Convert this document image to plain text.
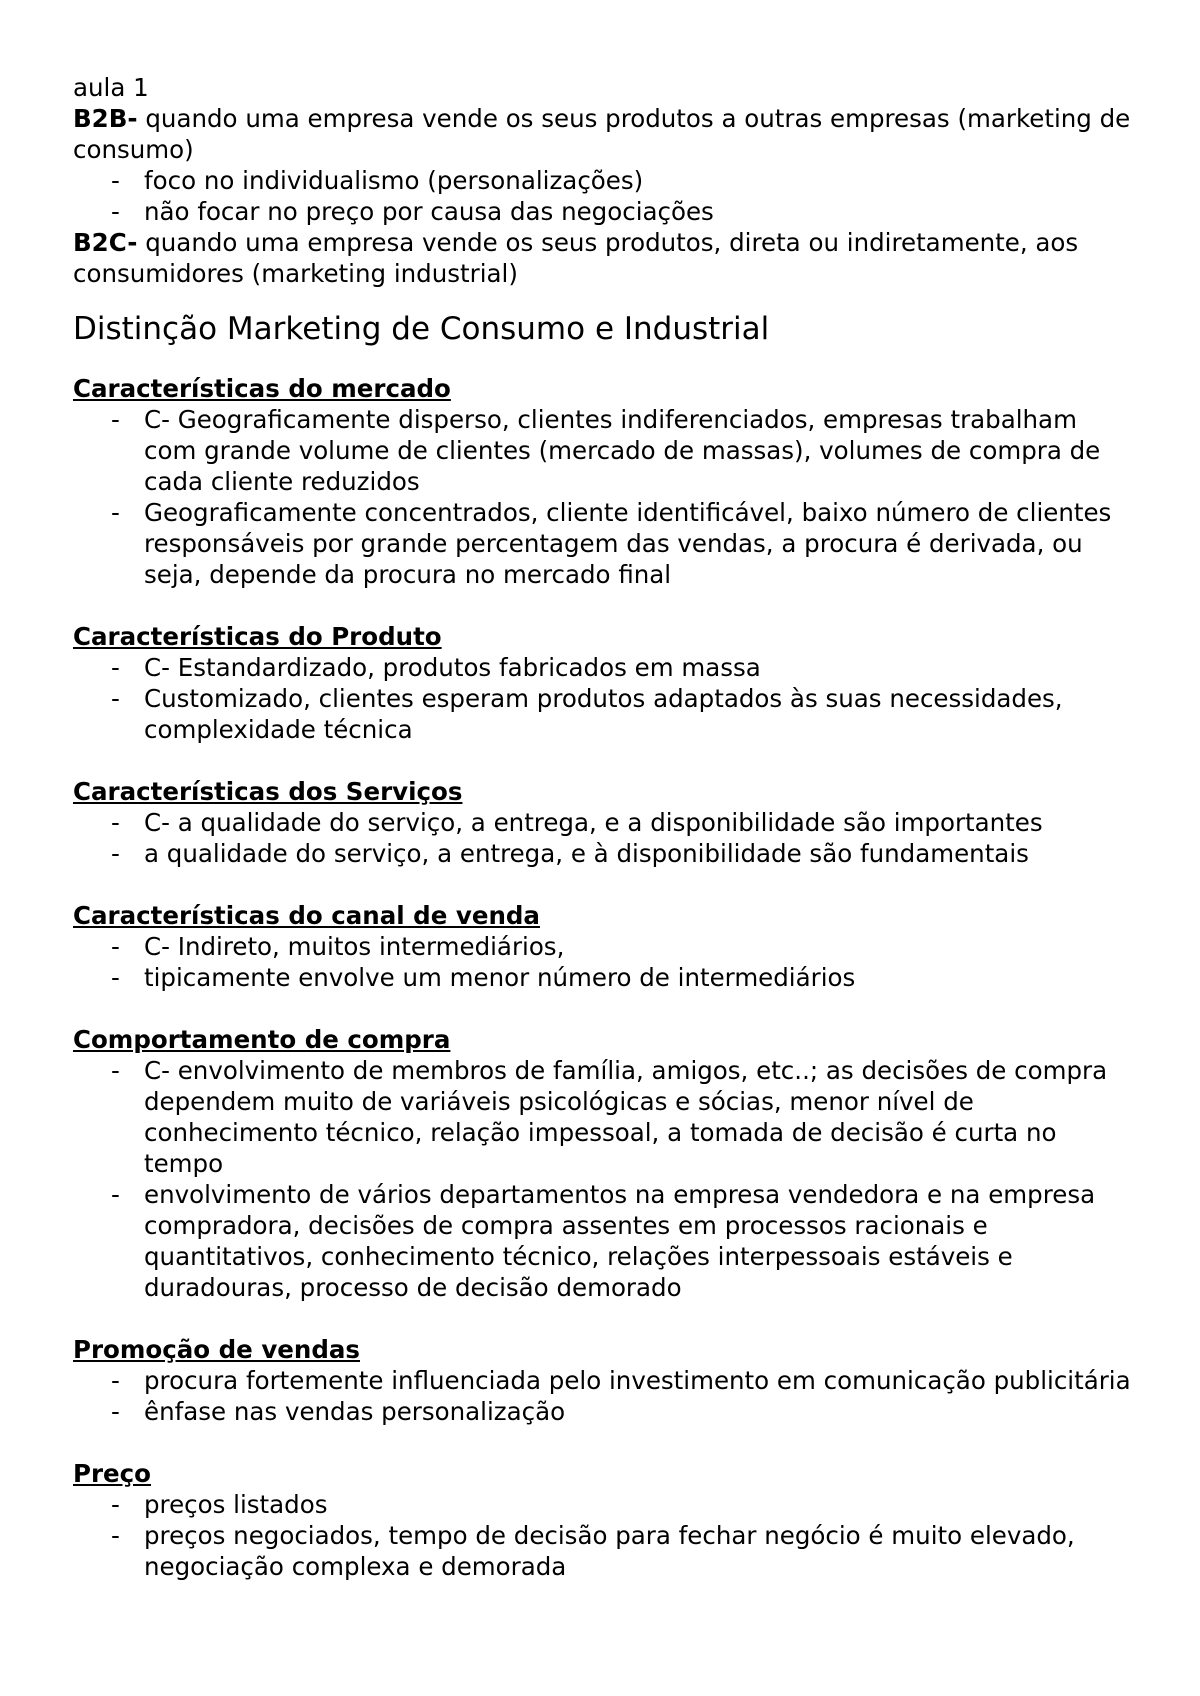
aula 1

B2B- quando uma empresa vende os seus produtos a outras empresas (marketing de consumo)

- foco no individualismo (personalizações)
- não focar no preço por causa das negociações

B2C- quando uma empresa vende os seus produtos, direta ou indiretamente, aos consumidores (marketing industrial)

Distinção Marketing de Consumo e Industrial

Características do mercado

- C- Geograficamente disperso, clientes indiferenciados, empresas trabalham com grande volume de clientes (mercado de massas), volumes de compra de cada cliente reduzidos
- Geograficamente concentrados, cliente identificável, baixo número de clientes responsáveis por grande percentagem das vendas, a procura é derivada, ou seja, depende da procura no mercado final

Características do Produto

- C- Estandardizado, produtos fabricados em massa
- Customizado, clientes esperam produtos adaptados às suas necessidades, complexidade técnica

Características dos Serviços

- C- a qualidade do serviço, a entrega, e a disponibilidade são importantes
- a qualidade do serviço, a entrega, e à disponibilidade são fundamentais

Características do canal de venda

- C- Indireto, muitos intermediários,
- tipicamente envolve um menor número de intermediários

Comportamento de compra

- C- envolvimento de membros de família, amigos, etc..; as decisões de compra dependem muito de variáveis psicológicas e sócias, menor nível de conhecimento técnico, relação impessoal, a tomada de decisão é curta no tempo
- envolvimento de vários departamentos na empresa vendedora e na empresa compradora, decisões de compra assentes em processos racionais e quantitativos, conhecimento técnico, relações interpessoais estáveis e duradouras, processo de decisão demorado

Promoção de vendas

- procura fortemente influenciada pelo investimento em comunicação publicitária
- ênfase nas vendas personalização

Preço

- preços listados
- preços negociados, tempo de decisão para fechar negócio é muito elevado, negociação complexa e demorada
